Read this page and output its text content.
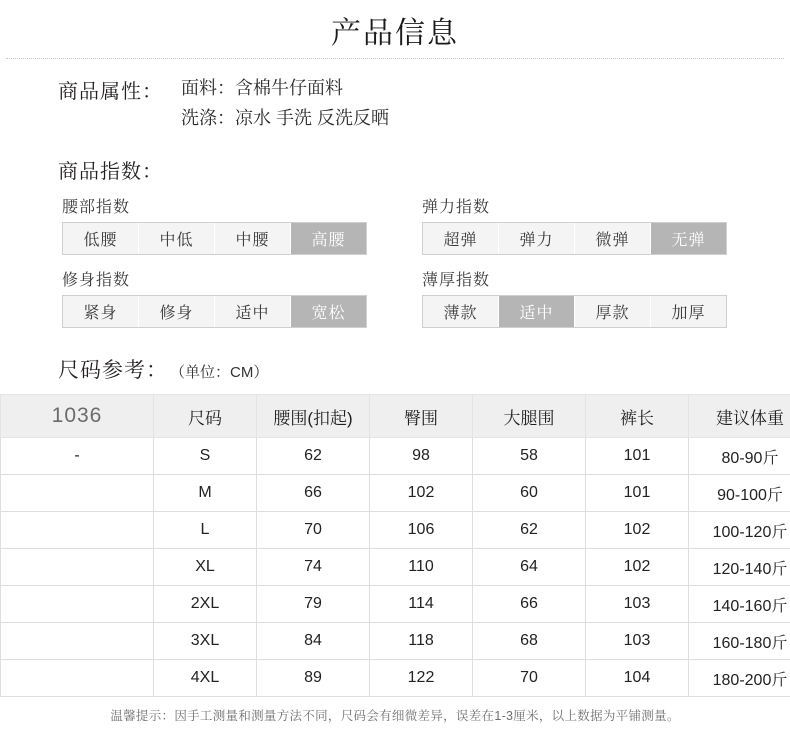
产品信息
商品属性： 面料：含棉牛仔面料
洗涤：凉水 手洗 反洗反晒
商品指数：
腰部指数
低腰	中低	中腰	高腰
弹力指数
超弹	弹力	微弹	无弹
修身指数
紧身	修身	适中	宽松
薄厚指数
薄款	适中	厚款	加厚
尺码参考： （单位：CM）
1036	尺码	腰围(扣起)	臀围	大腿围	裤长	建议体重
-	S	62	98	58	101	80-90斤
	M	66	102	60	101	90-100斤
	L	70	106	62	102	100-120斤
	XL	74	110	64	102	120-140斤
	2XL	79	114	66	103	140-160斤
	3XL	84	118	68	103	160-180斤
	4XL	89	122	70	104	180-200斤
温馨提示：因手工测量和测量方法不同，尺码会有细微差异，误差在1-3厘米，以上数据为平铺测量。
